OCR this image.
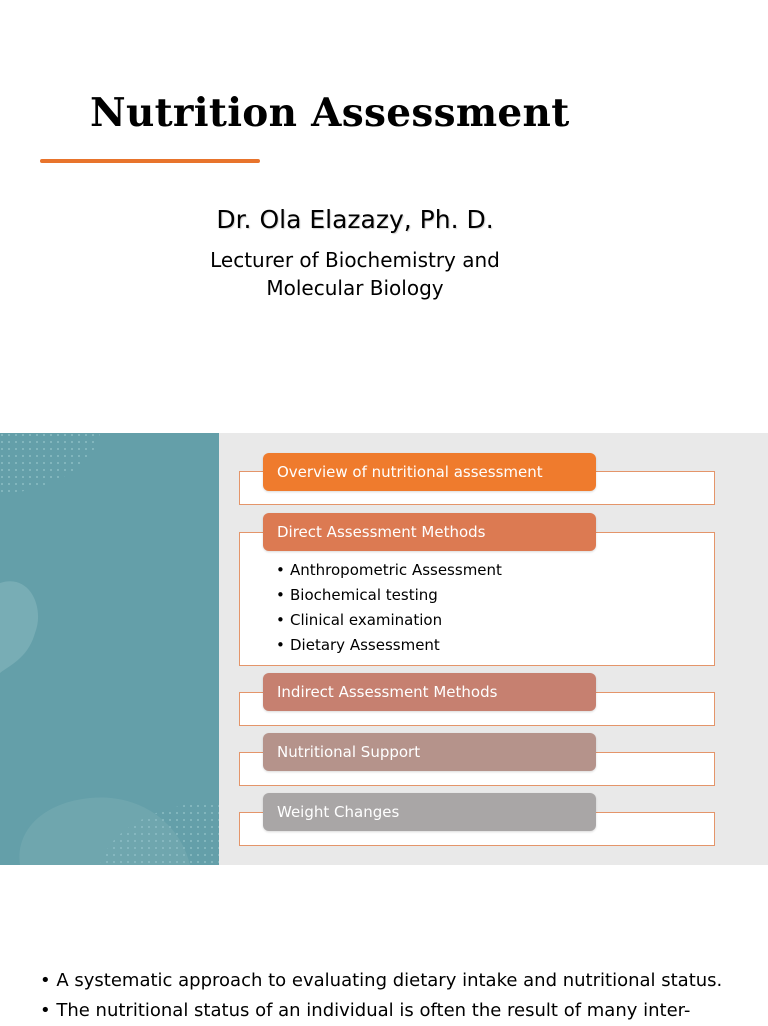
Nutrition Assessment
Dr. Ola Elazazy, Ph. D.
Lecturer of Biochemistry and
Molecular Biology
Overview of nutritional assessment
Direct Assessment Methods
• Anthropometric Assessment
• Biochemical testing
• Clinical examination
• Dietary Assessment
Indirect Assessment Methods
Nutritional Support
Weight Changes
• A systematic approach to evaluating dietary intake and nutritional status.
• The nutritional status of an individual is often the result of many inter-
